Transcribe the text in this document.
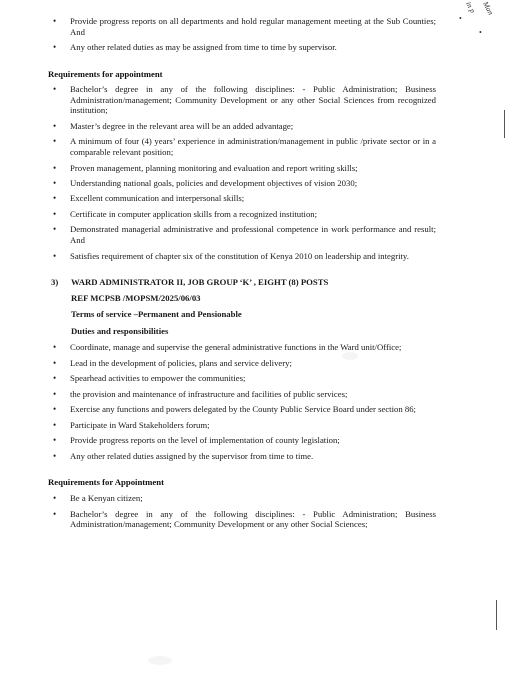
•
in p Man
•
• Provide progress reports on all departments and hold regular management meeting at the Sub Counties; And
• Any other related duties as may be assigned from time to time by supervisor.
Requirements for appointment
• Bachelor’s degree in any of the following disciplines: - Public Administration; Business Administration/management; Community Development or any other Social Sciences from recognized institution;
• Master’s degree in the relevant area will be an added advantage;
• A minimum of four (4) years’ experience in administration/management in public /private sector or in a comparable relevant position;
• Proven management, planning monitoring and evaluation and report writing skills;
• Understanding national goals, policies and development objectives of vision 2030;
• Excellent communication and interpersonal skills;
• Certificate in computer application skills from a recognized institution;
• Demonstrated managerial administrative and professional competence in work performance and result; And
• Satisfies requirement of chapter six of the constitution of Kenya 2010 on leadership and integrity.
3) WARD ADMINISTRATOR II, JOB GROUP ‘K’ , EIGHT (8) POSTS
REF MCPSB /MOPSM/2025/06/03
Terms of service –Permanent and Pensionable
Duties and responsibilities
• Coordinate, manage and supervise the general administrative functions in the Ward unit/Office;
• Lead in the development of policies, plans and service delivery;
• Spearhead activities to empower the communities;
• the provision and maintenance of infrastructure and facilities of public services;
• Exercise any functions and powers delegated by the County Public Service Board under section 86;
• Participate in Ward Stakeholders forum;
• Provide progress reports on the level of implementation of county legislation;
• Any other related duties assigned by the supervisor from time to time.
Requirements for Appointment
• Be a Kenyan citizen;
• Bachelor’s degree in any of the following disciplines: - Public Administration; Business Administration/management; Community Development or any other Social Sciences;
